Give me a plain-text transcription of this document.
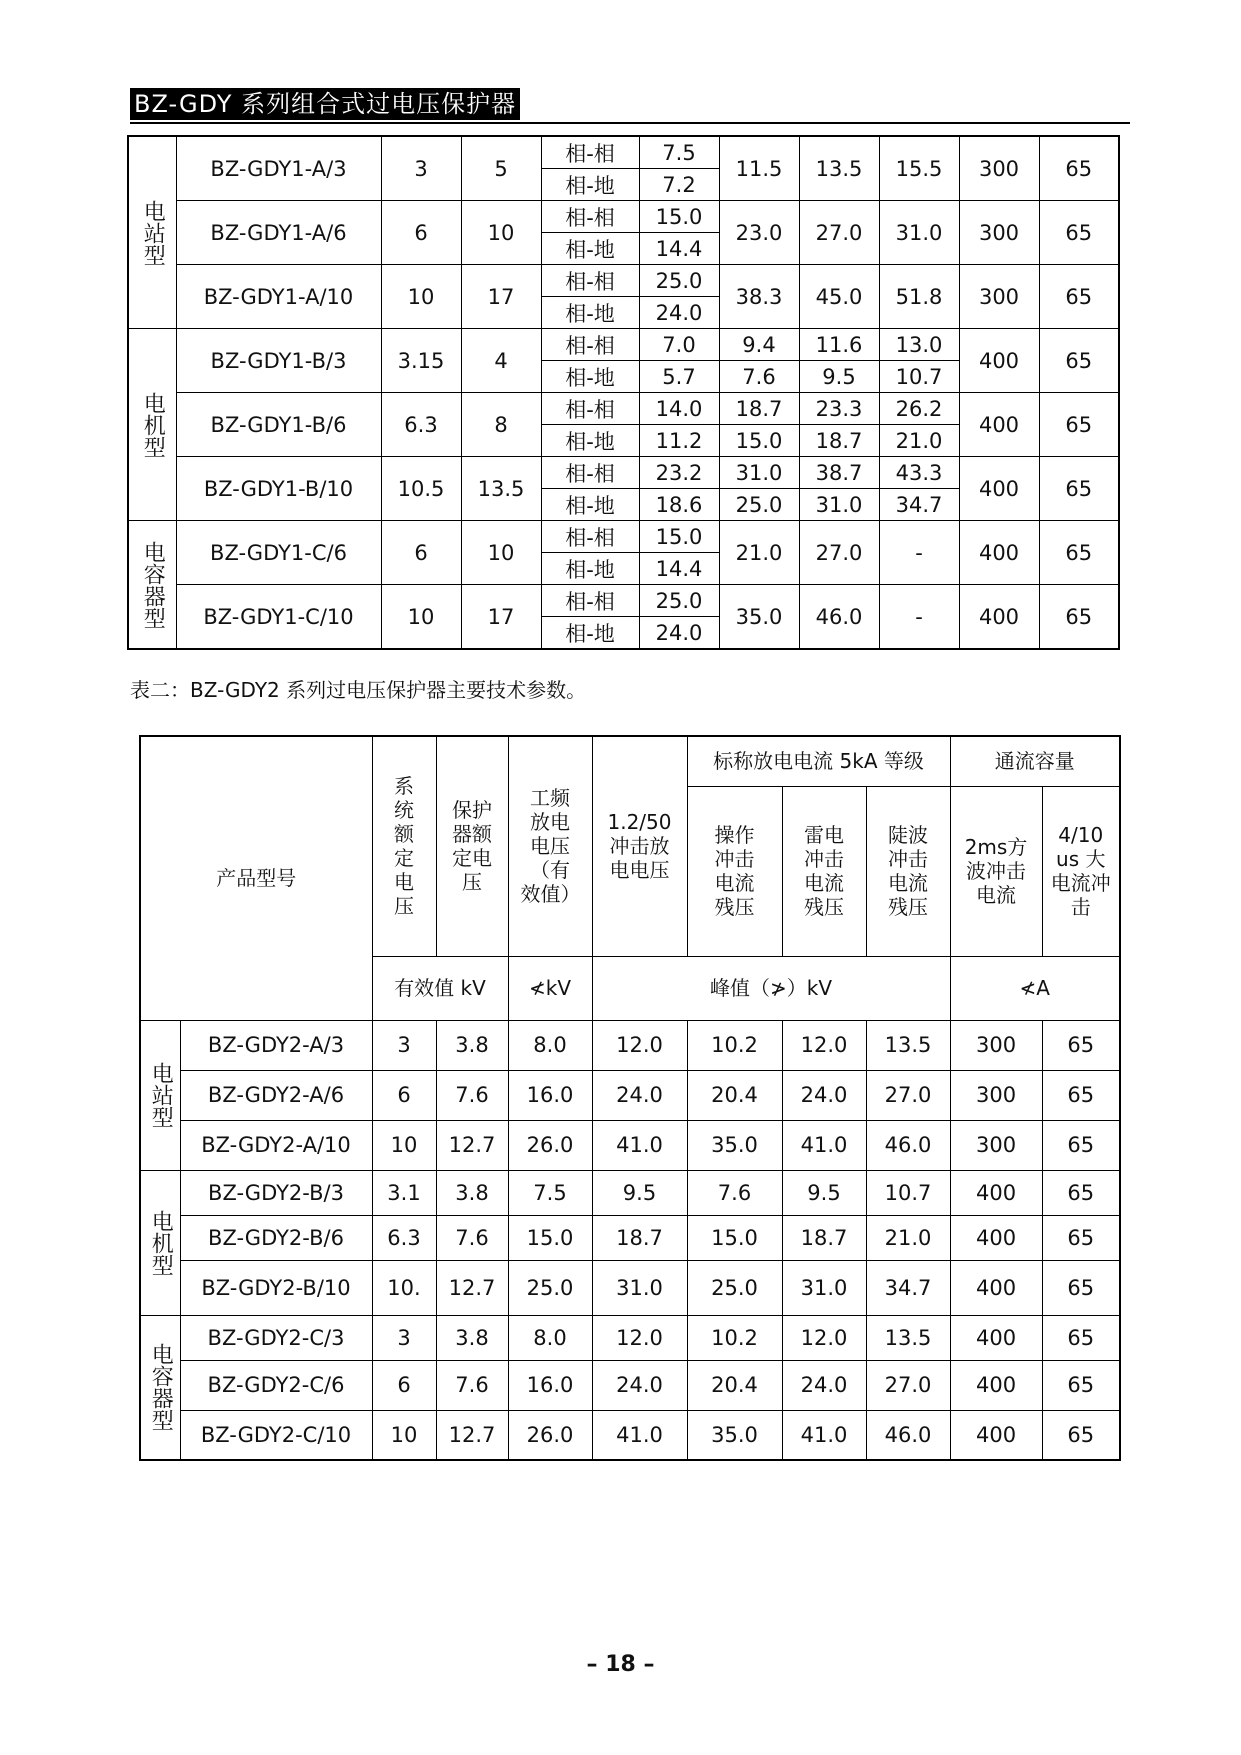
BZ-GDY 系列组合式过电压保护器
电站型	BZ-GDY1-A/3	3	5	相-相	7.5	11.5	13.5	15.5	300	65
				相-地	7.2					
	BZ-GDY1-A/6	6	10	相-相	15.0	23.0	27.0	31.0	300	65
				相-地	14.4					
	BZ-GDY1-A/10	10	17	相-相	25.0	38.3	45.0	51.8	300	65
				相-地	24.0					
电机型	BZ-GDY1-B/3	3.15	4	相-相	7.0	9.4	11.6	13.0	400	65
				相-地	5.7	7.6	9.5	10.7		
	BZ-GDY1-B/6	6.3	8	相-相	14.0	18.7	23.3	26.2	400	65
				相-地	11.2	15.0	18.7	21.0		
	BZ-GDY1-B/10	10.5	13.5	相-相	23.2	31.0	38.7	43.3	400	65
				相-地	18.6	25.0	31.0	34.7		
电容器型	BZ-GDY1-C/6	6	10	相-相	15.0	21.0	27.0	-	400	65
				相-地	14.4					
	BZ-GDY1-C/10	10	17	相-相	25.0	35.0	46.0	-	400	65
				相-地	24.0					
表二：BZ-GDY2 系列过电压保护器主要技术参数。
产品型号		系统额定电压	保护器额定电压	工频放电电压（有效值）	1.2/50冲击放电电压	标称放电电流 5kA 等级			通流容量	
						操作冲击电流残压	雷电冲击电流残压	陡波冲击电流残压	2ms方波冲击电流	4/10 us 大电流冲击
		有效值 kV		≮kV	峰值（≯）kV				≮A	
电站型	BZ-GDY2-A/3	3	3.8	8.0	12.0	10.2	12.0	13.5	300	65
	BZ-GDY2-A/6	6	7.6	16.0	24.0	20.4	24.0	27.0	300	65
	BZ-GDY2-A/10	10	12.7	26.0	41.0	35.0	41.0	46.0	300	65
电机型	BZ-GDY2-B/3	3.1	3.8	7.5	9.5	7.6	9.5	10.7	400	65
	BZ-GDY2-B/6	6.3	7.6	15.0	18.7	15.0	18.7	21.0	400	65
	BZ-GDY2-B/10	10.	12.7	25.0	31.0	25.0	31.0	34.7	400	65
电容器型	BZ-GDY2-C/3	3	3.8	8.0	12.0	10.2	12.0	13.5	400	65
	BZ-GDY2-C/6	6	7.6	16.0	24.0	20.4	24.0	27.0	400	65
	BZ-GDY2-C/10	10	12.7	26.0	41.0	35.0	41.0	46.0	400	65
– 18 –
